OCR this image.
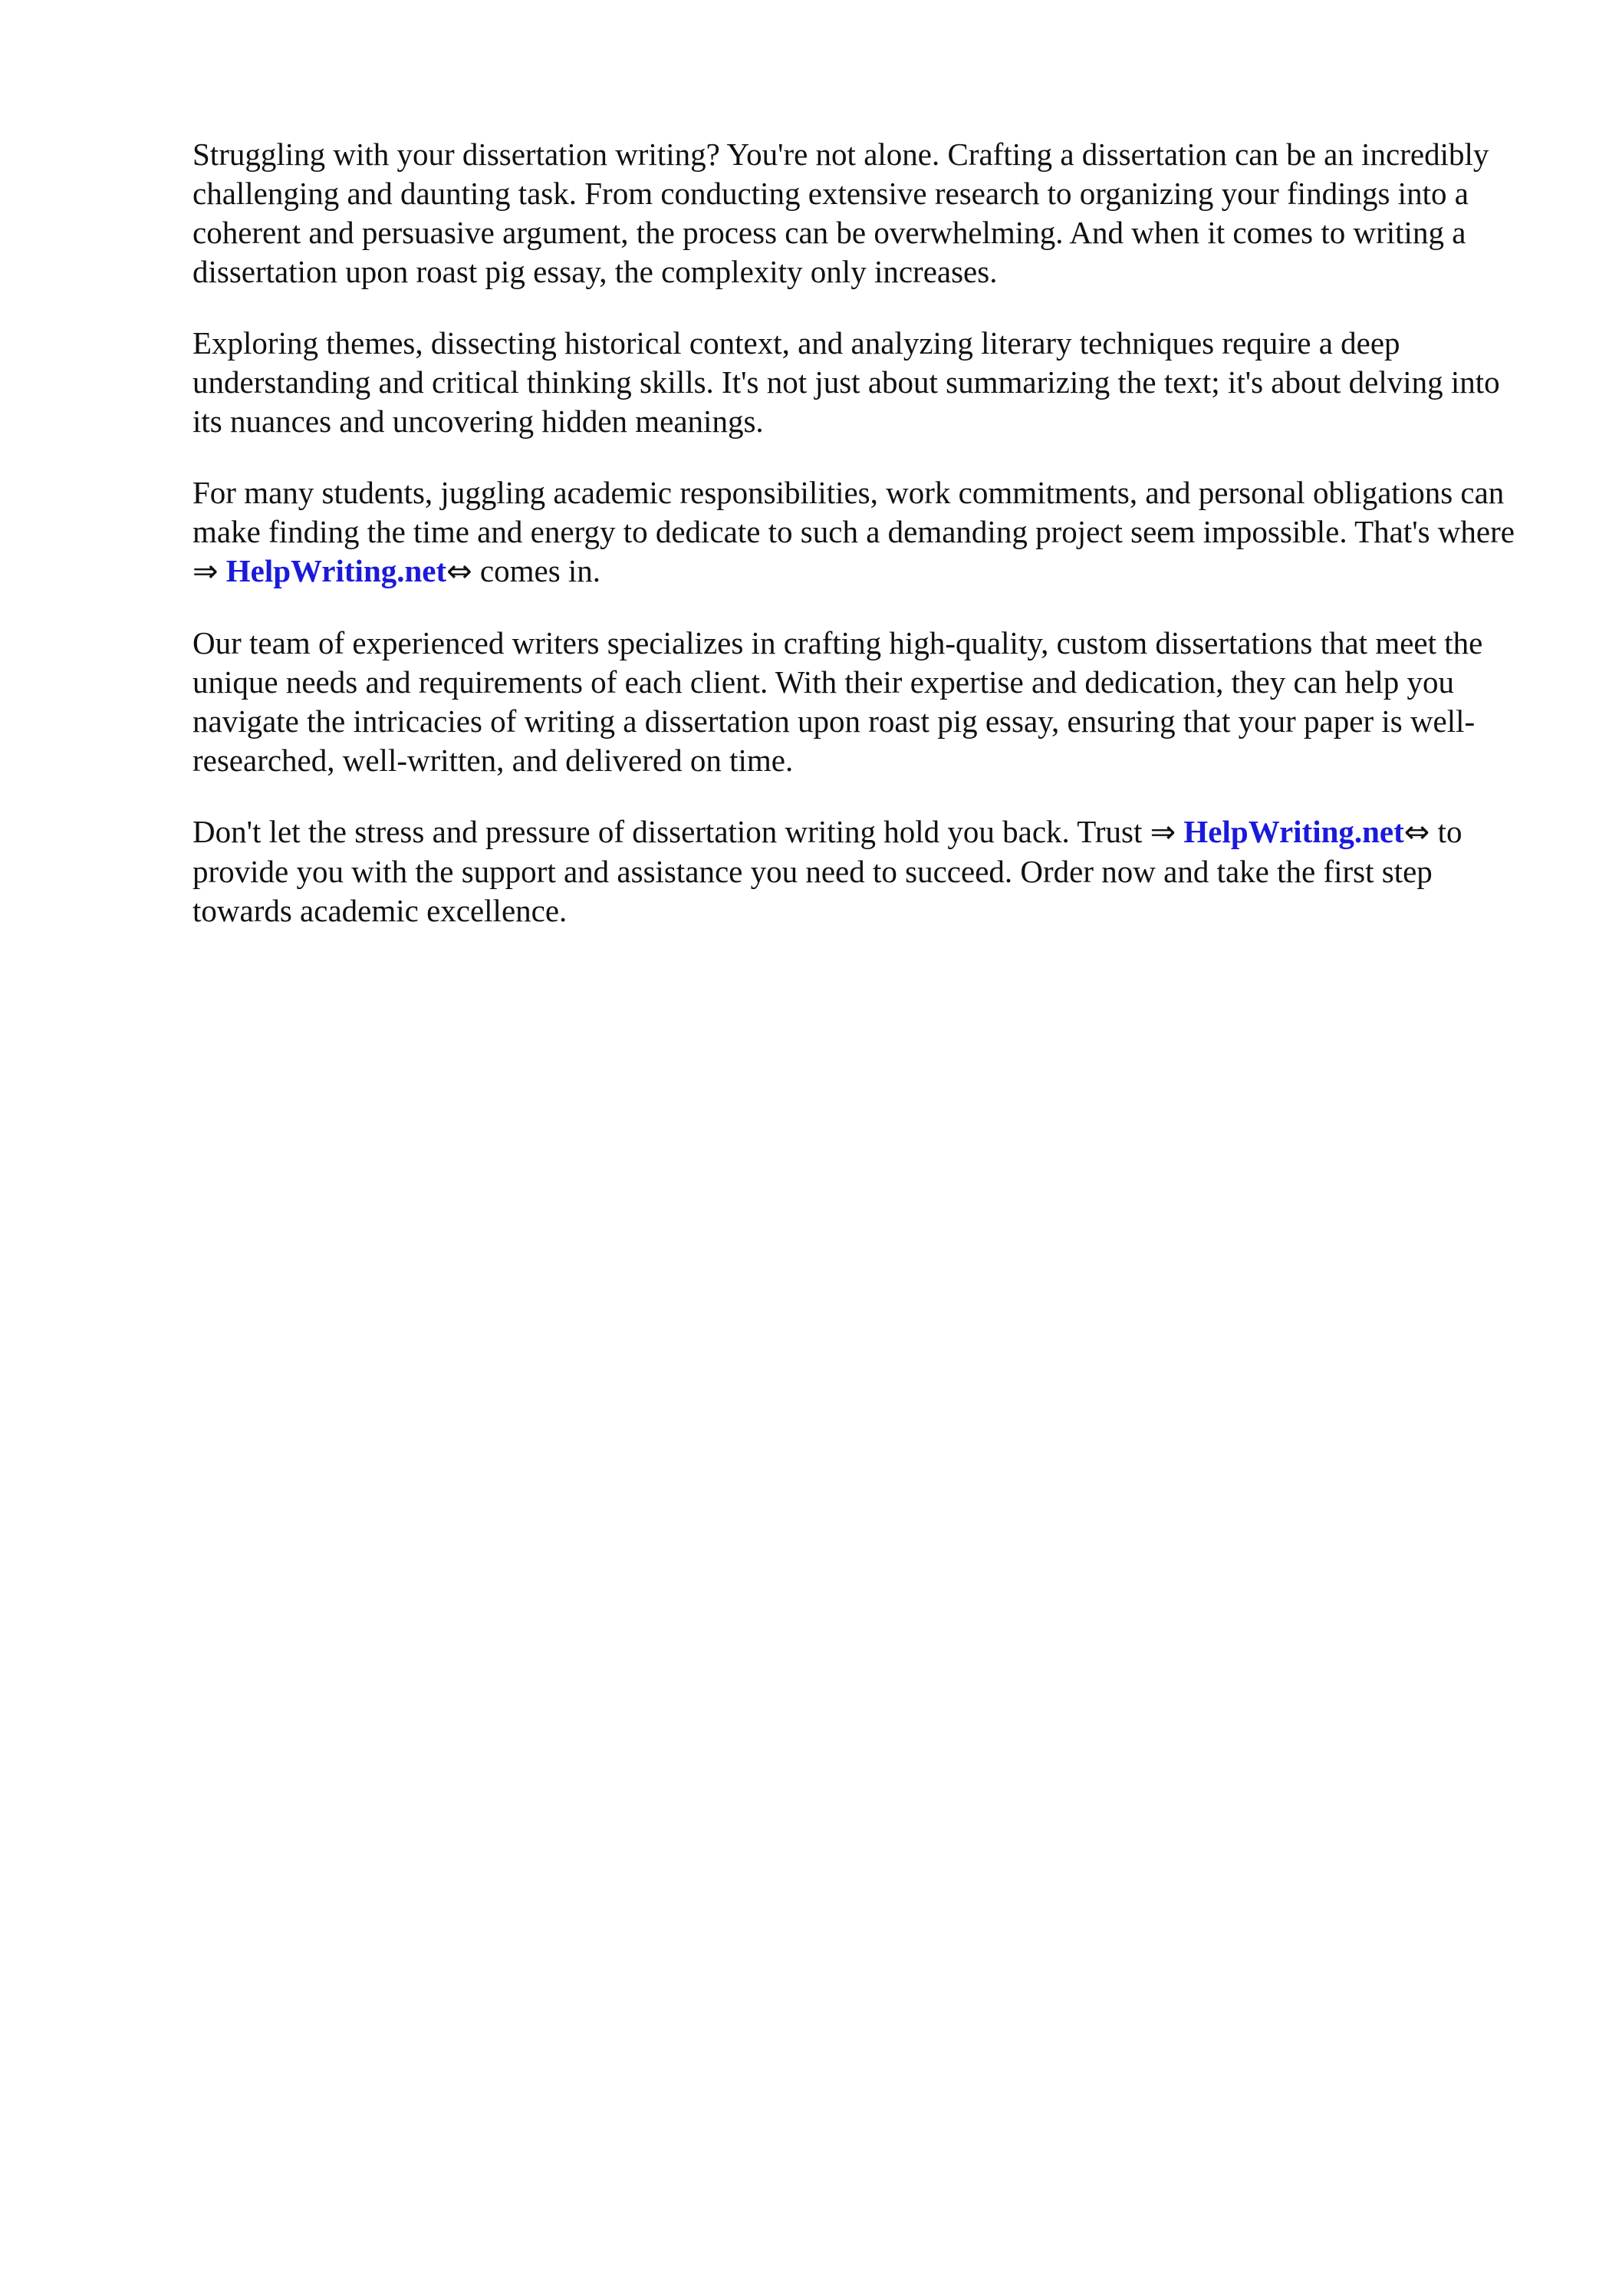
Struggling with your dissertation writing? You're not alone. Crafting a dissertation can be an incredibly challenging and daunting task. From conducting extensive research to organizing your findings into a coherent and persuasive argument, the process can be overwhelming. And when it comes to writing a dissertation upon roast pig essay, the complexity only increases.

Exploring themes, dissecting historical context, and analyzing literary techniques require a deep understanding and critical thinking skills. It's not just about summarizing the text; it's about delving into its nuances and uncovering hidden meanings.

For many students, juggling academic responsibilities, work commitments, and personal obligations can make finding the time and energy to dedicate to such a demanding project seem impossible. That's where ⇒ HelpWriting.net⇔ comes in.

Our team of experienced writers specializes in crafting high-quality, custom dissertations that meet the unique needs and requirements of each client. With their expertise and dedication, they can help you navigate the intricacies of writing a dissertation upon roast pig essay, ensuring that your paper is well-researched, well-written, and delivered on time.

Don't let the stress and pressure of dissertation writing hold you back. Trust ⇒ HelpWriting.net⇔ to provide you with the support and assistance you need to succeed. Order now and take the first step towards academic excellence.
